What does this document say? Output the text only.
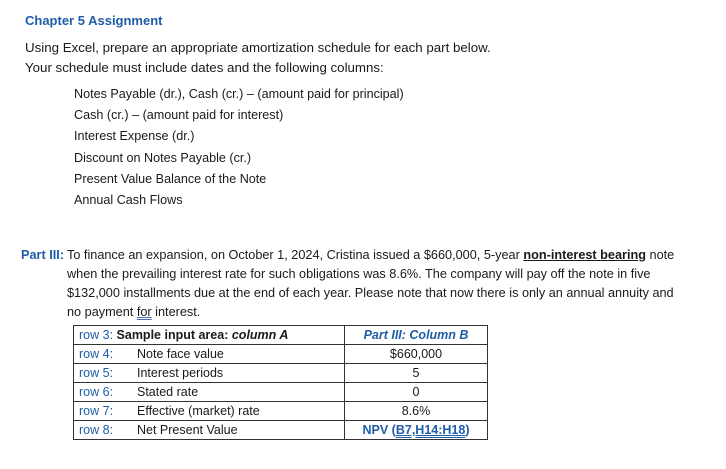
Chapter 5 Assignment
Using Excel, prepare an appropriate amortization schedule for each part below.
Your schedule must include dates and the following columns:
Notes Payable (dr.), Cash (cr.) – (amount paid for principal)
Cash (cr.) – (amount paid for interest)
Interest Expense (dr.)
Discount on Notes Payable (cr.)
Present Value Balance of the Note
Annual Cash Flows
Part III: To finance an expansion, on October 1, 2024, Cristina issued a $660,000, 5-year non-interest bearing note
when the prevailing interest rate for such obligations was 8.6%. The company will pay off the note in five
$132,000 installments due at the end of each year. Please note that now there is only an annual annuity and
no payment for interest.
row 3: Sample input area: column A	Part III: Column B
row 4: Note face value	$660,000
row 5: Interest periods	5
row 6: Stated rate	0
row 7: Effective (market) rate	8.6%
row 8: Net Present Value	NPV (B7,H14:H18)
